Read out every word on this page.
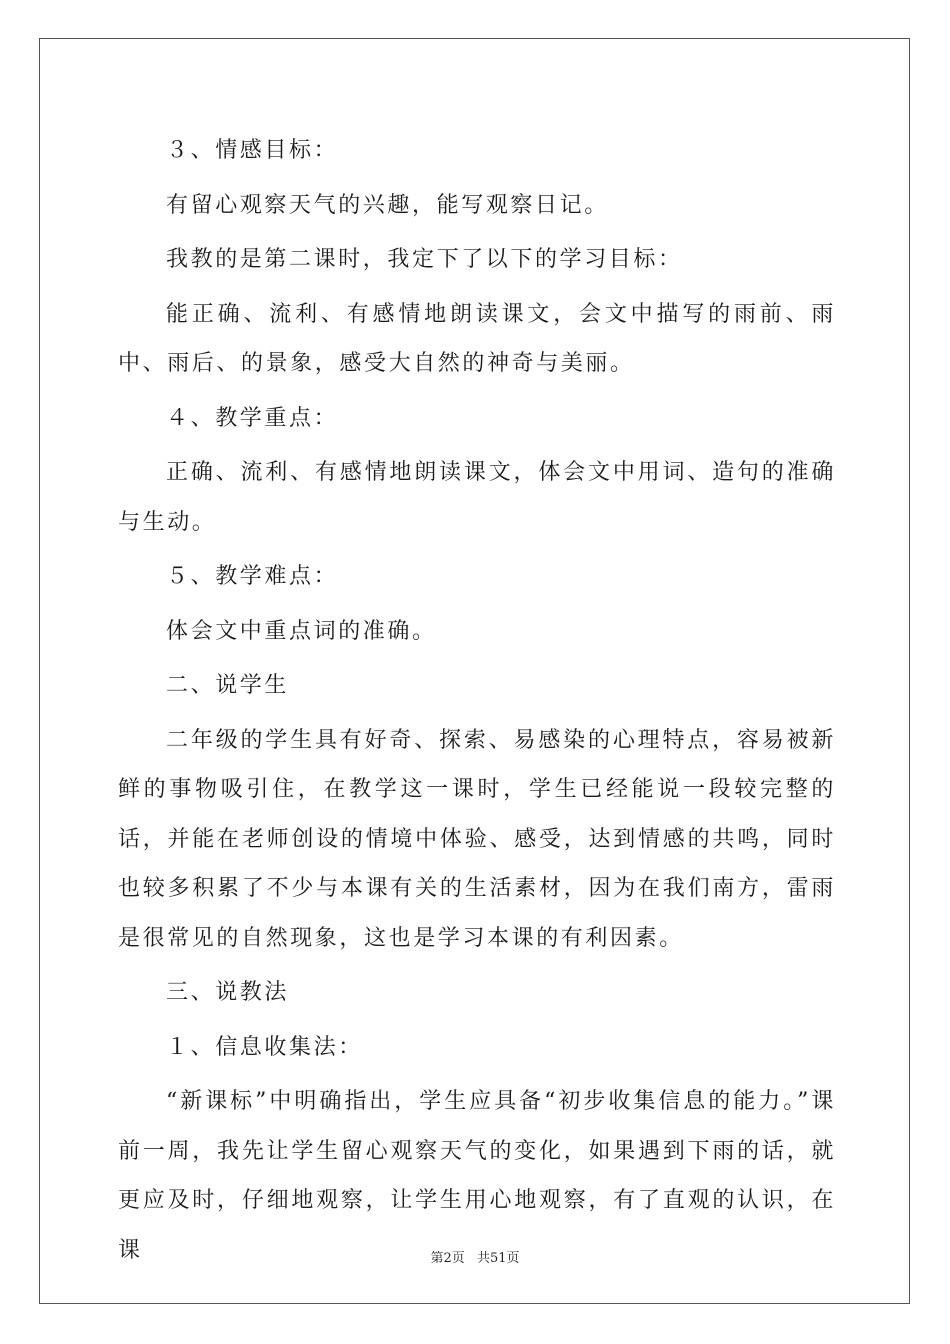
３、情感目标：

有留心观察天气的兴趣，能写观察日记。

我教的是第二课时，我定下了以下的学习目标：

能正确、流利、有感情地朗读课文，会文中描写的雨前、雨中、雨后、的景象，感受大自然的神奇与美丽。

４、教学重点：

正确、流利、有感情地朗读课文，体会文中用词、造句的准确与生动。

５、教学难点：

体会文中重点词的准确。

二、说学生

二年级的学生具有好奇、探索、易感染的心理特点，容易被新鲜的事物吸引住，在教学这一课时，学生已经能说一段较完整的话，并能在老师创设的情境中体验、感受，达到情感的共鸣，同时也较多积累了不少与本课有关的生活素材，因为在我们南方，雷雨是很常见的自然现象，这也是学习本课的有利因素。

三、说教法

１、信息收集法：

“新课标”中明确指出，学生应具备“初步收集信息的能力。”课前一周，我先让学生留心观察天气的变化，如果遇到下雨的话，就更应及时，仔细地观察，让学生用心地观察，有了直观的认识，在课	第2页 共51页
